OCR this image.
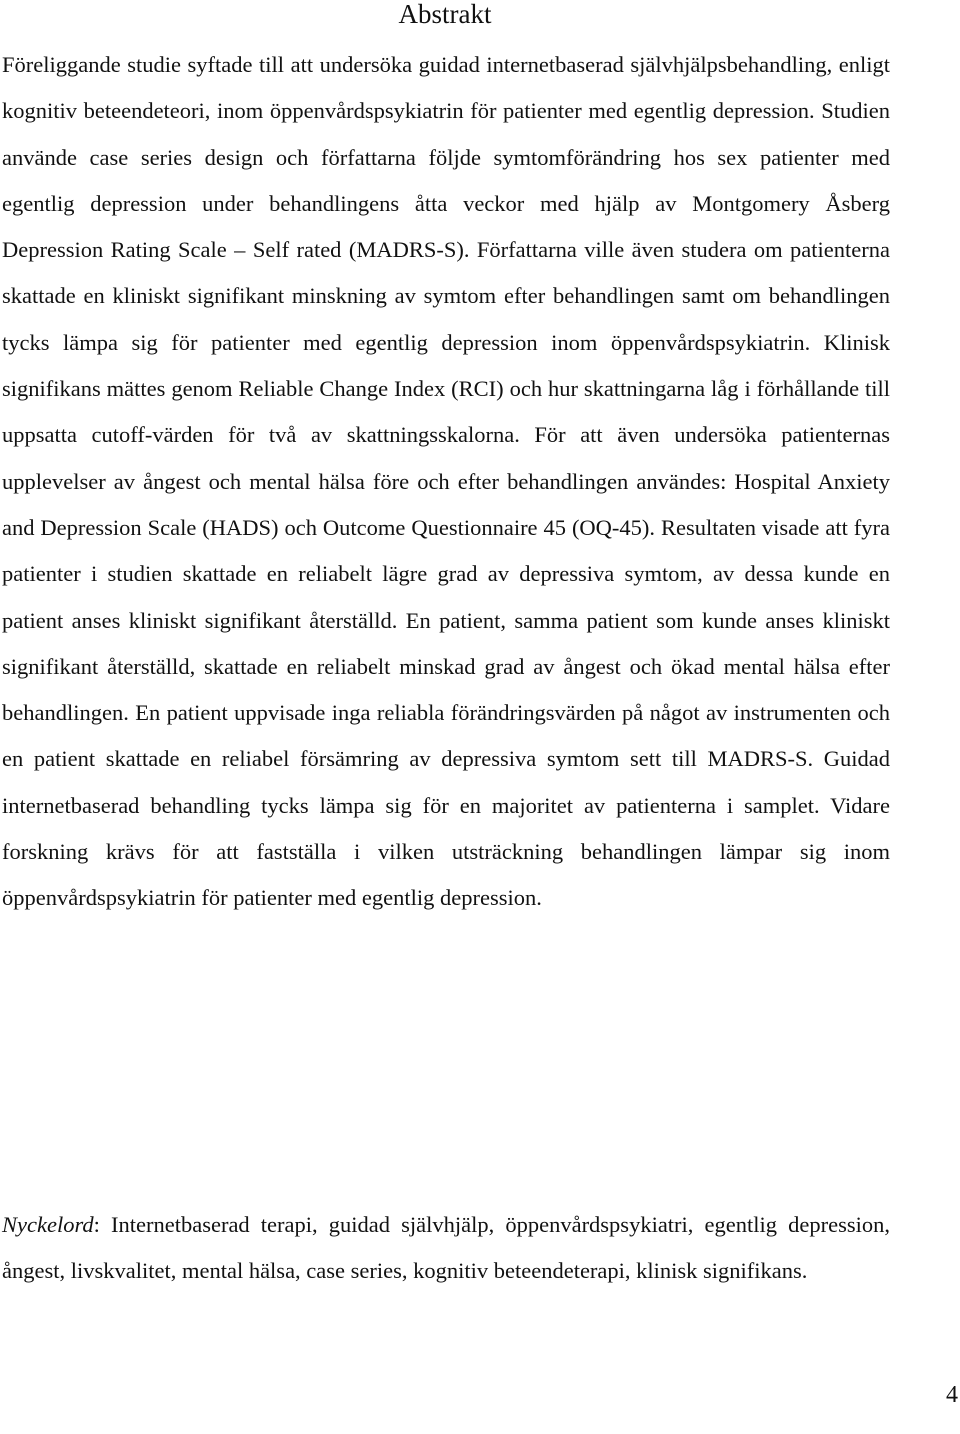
Abstrakt

Föreliggande studie syftade till att undersöka guidad internetbaserad självhjälpsbehandling, enligt kognitiv beteendeteori, inom öppenvårdspsykiatrin för patienter med egentlig depression. Studien använde case series design och författarna följde symtomförändring hos sex patienter med egentlig depression under behandlingens åtta veckor med hjälp av Montgomery Åsberg Depression Rating Scale – Self rated (MADRS-S). Författarna ville även studera om patienterna skattade en kliniskt signifikant minskning av symtom efter behandlingen samt om behandlingen tycks lämpa sig för patienter med egentlig depression inom öppenvårdspsykiatrin. Klinisk signifikans mättes genom Reliable Change Index (RCI) och hur skattningarna låg i förhållande till uppsatta cutoff-värden för två av skattningsskalorna. För att även undersöka patienternas upplevelser av ångest och mental hälsa före och efter behandlingen användes: Hospital Anxiety and Depression Scale (HADS) och Outcome Questionnaire 45 (OQ-45). Resultaten visade att fyra patienter i studien skattade en reliabelt lägre grad av depressiva symtom, av dessa kunde en patient anses kliniskt signifikant återställd. En patient, samma patient som kunde anses kliniskt signifikant återställd, skattade en reliabelt minskad grad av ångest och ökad mental hälsa efter behandlingen. En patient uppvisade inga reliabla förändringsvärden på något av instrumenten och en patient skattade en reliabel försämring av depressiva symtom sett till MADRS-S. Guidad internetbaserad behandling tycks lämpa sig för en majoritet av patienterna i samplet. Vidare forskning krävs för att fastställa i vilken utsträckning behandlingen lämpar sig inom öppenvårdspsykiatrin för patienter med egentlig depression.

Nyckelord: Internetbaserad terapi, guidad självhjälp, öppenvårdspsykiatri, egentlig depression, ångest, livskvalitet, mental hälsa, case series, kognitiv beteendeterapi, klinisk signifikans.

4
